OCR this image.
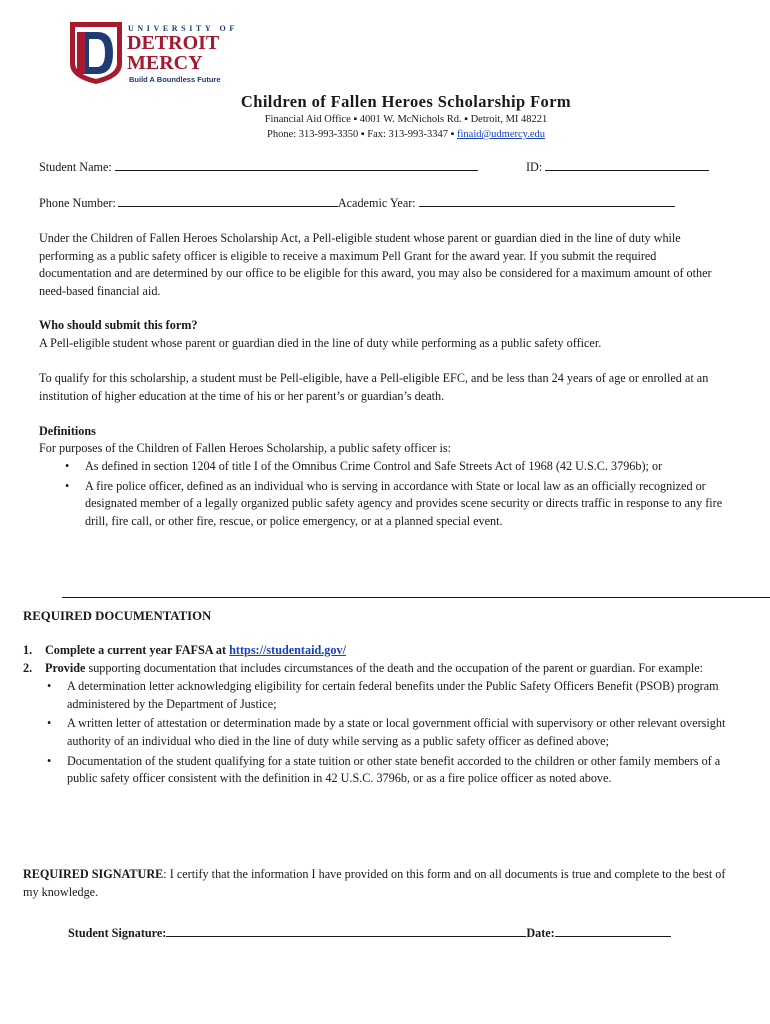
UNIVERSITY OF
DETROIT
MERCY
Build A Boundless Future
Children of Fallen Heroes Scholarship Form
Financial Aid Office ▪ 4001 W. McNichols Rd. ▪ Detroit, MI 48221
Phone: 313-993-3350 ▪ Fax: 313-993-3347 ▪ finaid@udmercy.edu
Student Name:	ID:
Phone Number:	Academic Year:
Under the Children of Fallen Heroes Scholarship Act, a Pell-eligible student whose parent or guardian died in the line of duty while performing as a public safety officer is eligible to receive a maximum Pell Grant for the award year. If you submit the required documentation and are determined by our office to be eligible for this award, you may also be considered for a maximum amount of other need-based financial aid.
Who should submit this form?
A Pell-eligible student whose parent or guardian died in the line of duty while performing as a public safety officer.
To qualify for this scholarship, a student must be Pell-eligible, have a Pell-eligible EFC, and be less than 24 years of age or enrolled at an institution of higher education at the time of his or her parent’s or guardian’s death.
Definitions
For purposes of the Children of Fallen Heroes Scholarship, a public safety officer is:
• As defined in section 1204 of title I of the Omnibus Crime Control and Safe Streets Act of 1968 (42 U.S.C. 3796b); or
• A fire police officer, defined as an individual who is serving in accordance with State or local law as an officially recognized or designated member of a legally organized public safety agency and provides scene security or directs traffic in response to any fire drill, fire call, or other fire, rescue, or police emergency, or at a planned special event.
REQUIRED DOCUMENTATION
1. Complete a current year FAFSA at https://studentaid.gov/
2. Provide supporting documentation that includes circumstances of the death and the occupation of the parent or guardian. For example:
• A determination letter acknowledging eligibility for certain federal benefits under the Public Safety Officers Benefit (PSOB) program administered by the Department of Justice;
• A written letter of attestation or determination made by a state or local government official with supervisory or other relevant oversight authority of an individual who died in the line of duty while serving as a public safety officer as defined above;
• Documentation of the student qualifying for a state tuition or other state benefit accorded to the children or other family members of a public safety officer consistent with the definition in 42 U.S.C. 3796b, or as a fire police officer as noted above.
REQUIRED SIGNATURE: I certify that the information I have provided on this form and on all documents is true and complete to the best of my knowledge.
Student Signature:	Date:
